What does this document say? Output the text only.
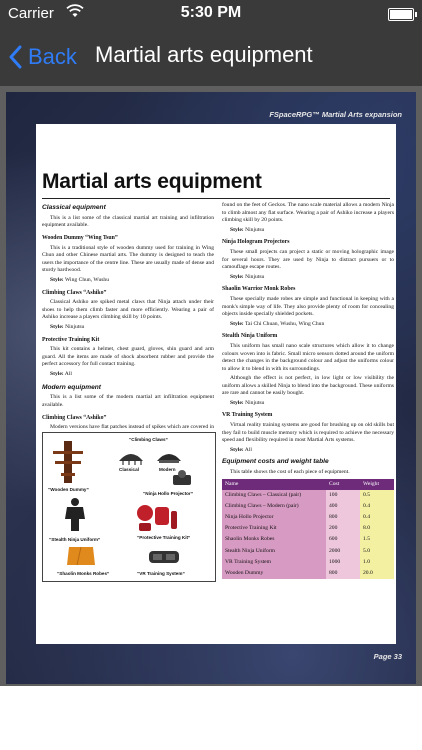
Carrier	5:30 PM
Back Martial arts equipment
FSpaceRPG™ Martial Arts expansion
Martial arts equipment
Classical equipment
This is a list some of the classical martial art training and infiltration equipment available.
Wooden Dummy “Wing Tsun”
This is a traditional style of wooden dummy used for training in Wing Chun and other Chinese martial arts. The dummy is designed to teach the users the importance of the centre line. These are usually made of dense and sturdy hardwood.
Style: Wing Chun, Wushu
Climbing Claws “Ashiko”
Classical Ashiko are spiked metal claws that Ninja attach under their shoes to help them climb faster and more efficiently. Wearing a pair of Ashiko increase a players climbing skill by 10 points.
Style: Ninjutsu
Protective Training Kit
This kit contains a helmet, chest guard, gloves, shin guard and arm guard. All the items are made of shock absorbent rubber and provide the perfect accessory for full contact training.
Style: All
Modern equipment
This is a list some of the modern martial art infiltration equipment available.
Climbing Claws “Ashiko”
Modern versions have flat patches instead of spikes which are covered in
“Wooden Dummy”
“Climbing Claws”
Classical	Modern
“Ninja Hollo Projector”
“Stealth Ninja Uniform”	“Protective Training Kit”
“Shaolin Monks Robes”	“VR Training System”
found on the feet of Geckos. The nano scale material allows a modern Ninja to climb almost any flat surface. Wearing a pair of Ashiko increase a players climbing skill by 20 points.
Style: Ninjutsu
Ninja Hologram Projectors
These small projects can project a static or moving holographic image for several hours. They are used by Ninja to distract pursuers or to camouflage escape routes.
Style: Ninjutsu
Shaolin Warrior Monk Robes
These specially made robes are simple and functional in keeping with a monk's simple way of life. They also provide plenty of room for concealing objects inside specially shielded pockets.
Style: Tai Chi Chuan, Wushu, Wing Chun
Stealth Ninja Uniform
This uniform has small nano scale structures which allow it to change colours woven into is fabric. Small micro sensors dotted around the uniform detect the changes in the background colour and adjust the uniforms colour to allow it to blend in with its surroundings.
Although the effect is not perfect, in low light or low visibility the uniform allows a skilled Ninja to blend into the background. These uniforms are rare and cannot be easily bought.
Style: Ninjutsu
VR Training System
Virtual reality training systems are good for brushing up on old skills but they fail to build muscle memory which is required to achieve the necessary speed and flexibility required in most Martial Arts systems.
Style: All
Equipment costs and weight table
This table shows the cost of each piece of equipment.
Name	Cost	Weight
Climbing Claws – Classical (pair)	100	0.5
Climbing Claws – Modern (pair)	400	0.4
Ninja Hollo Projector	800	0.4
Protective Training Kit	200	8.0
Shaolin Monks Robes	600	1.5
Stealth Ninja Uniform	2000	5.0
VR Training System	1000	1.0
Wooden Dummy	800	20.0
Page 33
